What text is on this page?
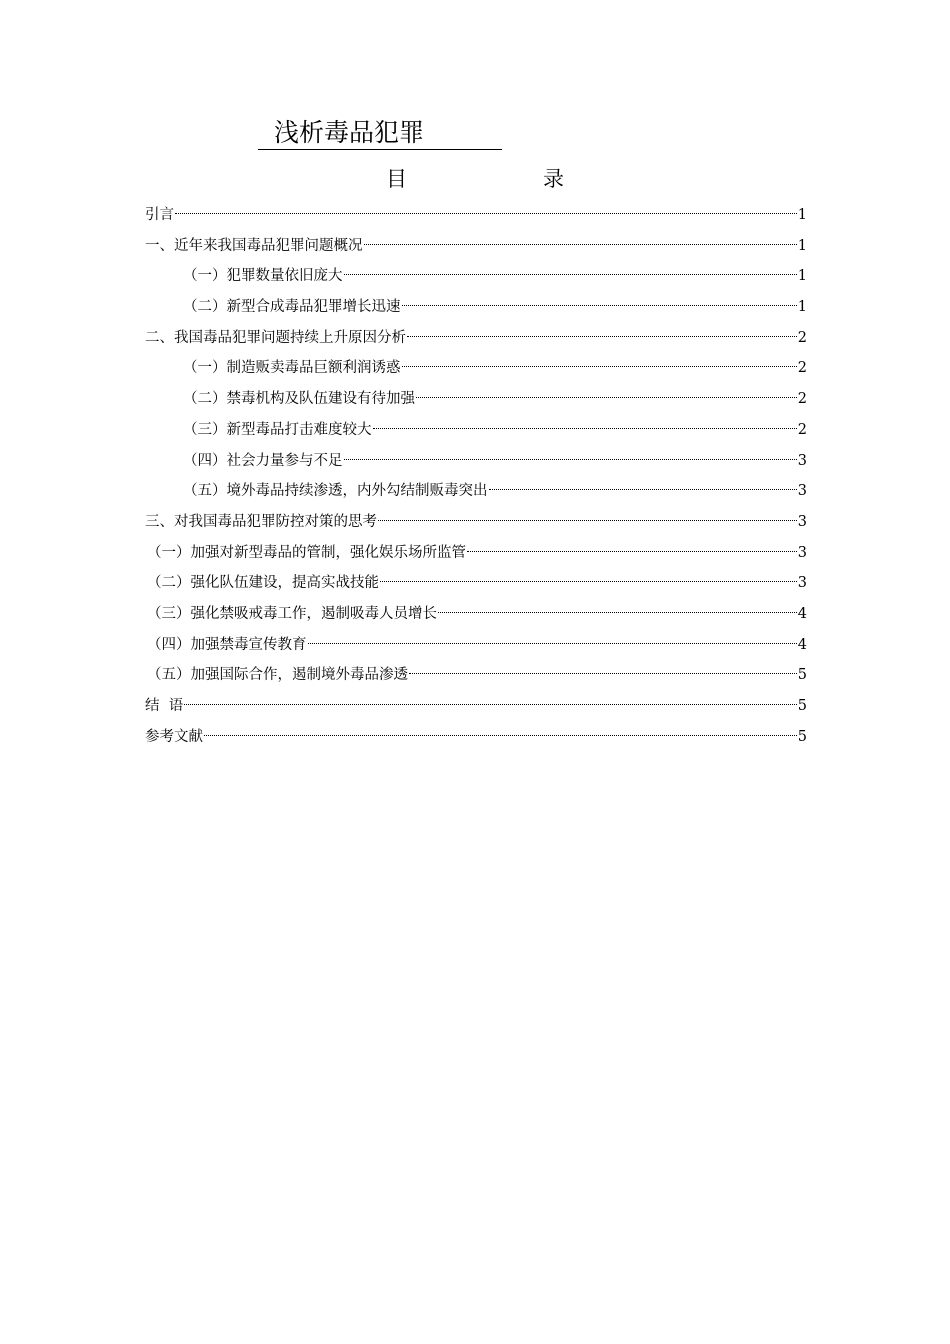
浅析毒品犯罪
目	录
引言	1
一、近年来我国毒品犯罪问题概况	1
（一）犯罪数量依旧庞大	1
（二）新型合成毒品犯罪增长迅速	1
二、我国毒品犯罪问题持续上升原因分析	2
（一）制造贩卖毒品巨额利润诱惑	2
（二）禁毒机构及队伍建设有待加强	2
（三）新型毒品打击难度较大	2
（四）社会力量参与不足	3
（五）境外毒品持续渗透，内外勾结制贩毒突出	3
三、对我国毒品犯罪防控对策的思考	3
（一）加强对新型毒品的管制，强化娱乐场所监管	3
（二）强化队伍建设，提高实战技能	3
（三）强化禁吸戒毒工作，遏制吸毒人员增长	4
（四）加强禁毒宣传教育	4
（五）加强国际合作，遏制境外毒品渗透	5
结  语	5
参考文献	5
